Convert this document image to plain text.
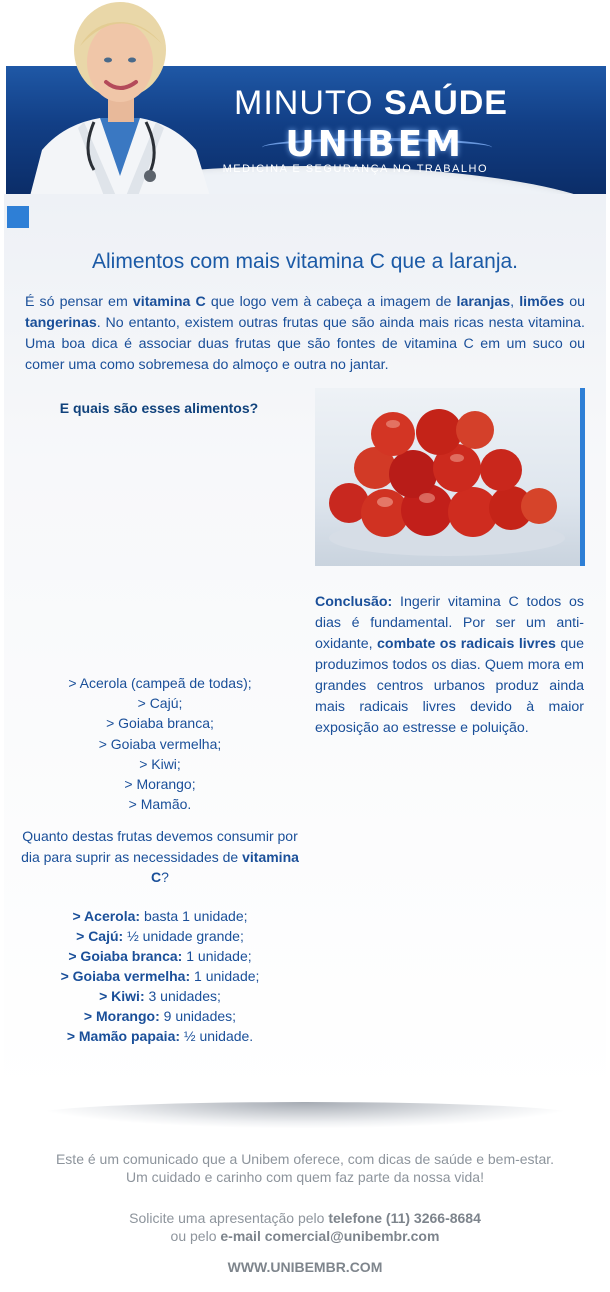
MINUTO SAÚDE
UNIBEM
MEDICINA E SEGURANÇA NO TRABALHO
Alimentos com mais vitamina C que a laranja.
É só pensar em vitamina C que logo vem à cabeça a imagem de laranjas, limões ou tangerinas. No entanto, existem outras frutas que são ainda mais ricas nesta vitamina. Uma boa dica é associar duas frutas que são fontes de vitamina C em um suco ou comer uma como sobremesa do almoço e outra no jantar.
E quais são esses alimentos?
Conclusão: Ingerir vitamina C todos os dias é fundamental. Por ser um anti-oxidante, combate os radicais livres que produzimos todos os dias. Quem mora em grandes centros urbanos produz ainda mais radicais livres devido à maior exposição ao estresse e poluição.
> Acerola (campeã de todas);
> Cajú;
> Goiaba branca;
> Goiaba vermelha;
> Kiwi;
> Morango;
> Mamão.
Quanto destas frutas devemos consumir por dia para suprir as necessidades de vitamina C?
> Acerola: basta 1 unidade;
> Cajú: ½ unidade grande;
> Goiaba branca: 1 unidade;
> Goiaba vermelha: 1 unidade;
> Kiwi: 3 unidades;
> Morango: 9 unidades;
> Mamão papaia: ½ unidade.
Este é um comunicado que a Unibem oferece, com dicas de saúde e bem-estar.
Um cuidado e carinho com quem faz parte da nossa vida!
Solicite uma apresentação pelo telefone (11) 3266-8684
ou pelo e-mail comercial@unibembr.com
WWW.UNIBEMBR.COM
